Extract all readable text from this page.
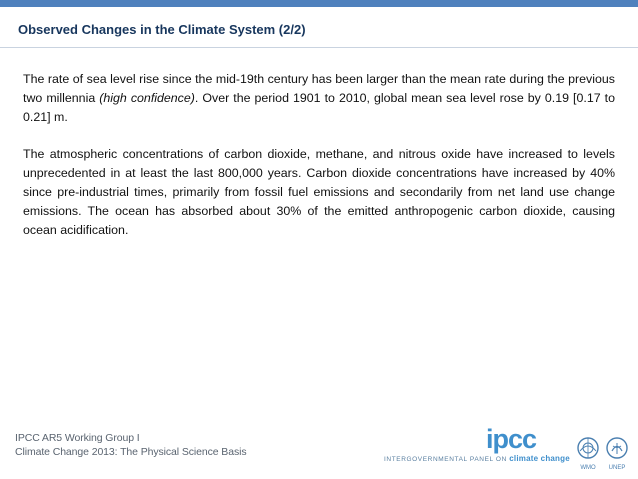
Observed Changes in the Climate System (2/2)
The rate of sea level rise since the mid-19th century has been larger than the mean rate during the previous two millennia (high confidence). Over the period 1901 to 2010, global mean sea level rose by 0.19 [0.17 to 0.21] m.
The atmospheric concentrations of carbon dioxide, methane, and nitrous oxide have increased to levels unprecedented in at least the last 800,000 years. Carbon dioxide concentrations have increased by 40% since pre-industrial times, primarily from fossil fuel emissions and secondarily from net land use change emissions. The ocean has absorbed about 30% of the emitted anthropogenic carbon dioxide, causing ocean acidification.
IPCC AR5 Working Group I
Climate Change 2013: The Physical Science Basis	ipcc
INTERGOVERNMENTAL PANEL ON climate change
WMO	UNEP
